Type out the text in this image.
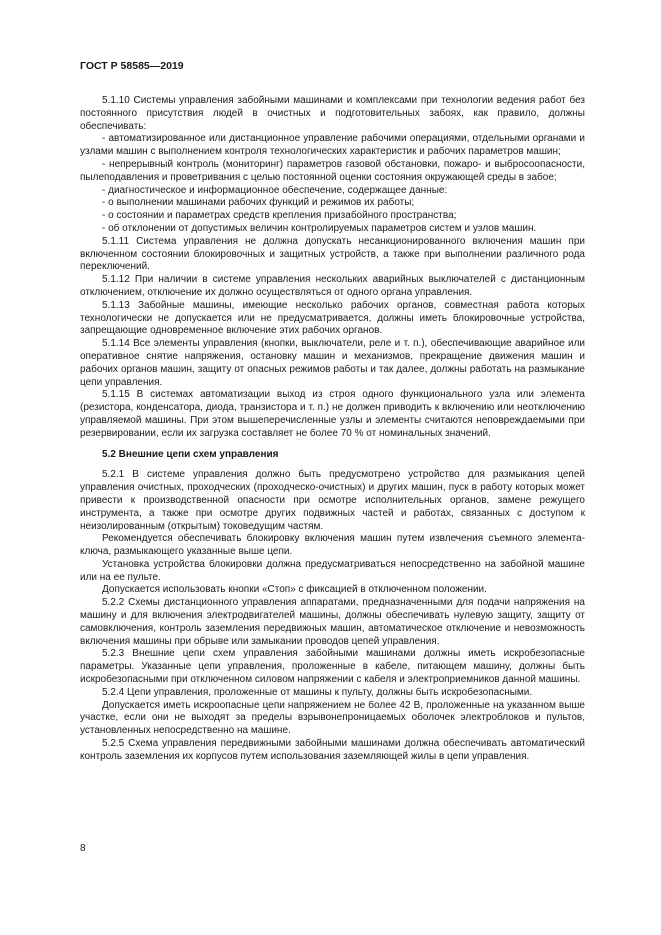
ГОСТ Р 58585—2019

5.1.10 Системы управления забойными машинами и комплексами при технологии ведения работ без постоянного присутствия людей в очистных и подготовительных забоях, как правило, должны обеспечивать:

- автоматизированное или дистанционное управление рабочими операциями, отдельными органами и узлами машин с выполнением контроля технологических характеристик и рабочих параметров машин;

- непрерывный контроль (мониторинг) параметров газовой обстановки, пожаро- и выбросоопасности, пылеподавления и проветривания с целью постоянной оценки состояния окружающей среды в забое;

- диагностическое и информационное обеспечение, содержащее данные:

- о выполнении машинами рабочих функций и режимов их работы;

- о состоянии и параметрах средств крепления призабойного пространства;

- об отклонении от допустимых величин контролируемых параметров систем и узлов машин.

5.1.11 Система управления не должна допускать несанкционированного включения машин при включенном состоянии блокировочных и защитных устройств, а также при выполнении различного рода переключений.

5.1.12 При наличии в системе управления нескольких аварийных выключателей с дистанционным отключением, отключение их должно осуществляться от одного органа управления.

5.1.13 Забойные машины, имеющие несколько рабочих органов, совместная работа которых технологически не допускается или не предусматривается, должны иметь блокировочные устройства, запрещающие одновременное включение этих рабочих органов.

5.1.14 Все элементы управления (кнопки, выключатели, реле и т. п.), обеспечивающие аварийное или оперативное снятие напряжения, остановку машин и механизмов, прекращение движения машин и рабочих органов машин, защиту от опасных режимов работы и так далее, должны работать на размыкание цепи управления.

5.1.15 В системах автоматизации выход из строя одного функционального узла или элемента (резистора, конденсатора, диода, транзистора и т. п.) не должен приводить к включению или неотключению управляемой машины. При этом вышеперечисленные узлы и элементы считаются неповреждаемыми при резервировании, если их загрузка составляет не более 70 % от номинальных значений.

5.2 Внешние цепи схем управления

5.2.1 В системе управления должно быть предусмотрено устройство для размыкания цепей управления очистных, проходческих (проходческо-очистных) и других машин, пуск в работу которых может привести к производственной опасности при осмотре исполнительных органов, замене режущего инструмента, а также при осмотре других подвижных частей и работах, связанных с доступом к неизолированным (открытым) токоведущим частям.

Рекомендуется обеспечивать блокировку включения машин путем извлечения съемного элемента-ключа, размыкающего указанные выше цепи.

Установка устройства блокировки должна предусматриваться непосредственно на забойной машине или на ее пульте.

Допускается использовать кнопки «Стоп» с фиксацией в отключенном положении.

5.2.2 Схемы дистанционного управления аппаратами, предназначенными для подачи напряжения на машину и для включения электродвигателей машины, должны обеспечивать нулевую защиту, защиту от самовключения, контроль заземления передвижных машин, автоматическое отключение и невозможность включения машины при обрыве или замыкании проводов цепей управления.

5.2.3 Внешние цепи схем управления забойными машинами должны иметь искробезопасные параметры. Указанные цепи управления, проложенные в кабеле, питающем машину, должны быть искробезопасными при отключенном силовом напряжении с кабеля и электроприемников данной машины.

5.2.4 Цепи управления, проложенные от машины к пульту, должны быть искробезопасными.

Допускается иметь искроопасные цепи напряжением не более 42 В, проложенные на указанном выше участке, если они не выходят за пределы взрывонепроницаемых оболочек электроблоков и пультов, установленных непосредственно на машине.

5.2.5 Схема управления передвижными забойными машинами должна обеспечивать автоматический контроль заземления их корпусов путем использования заземляющей жилы в цепи управления.

8
